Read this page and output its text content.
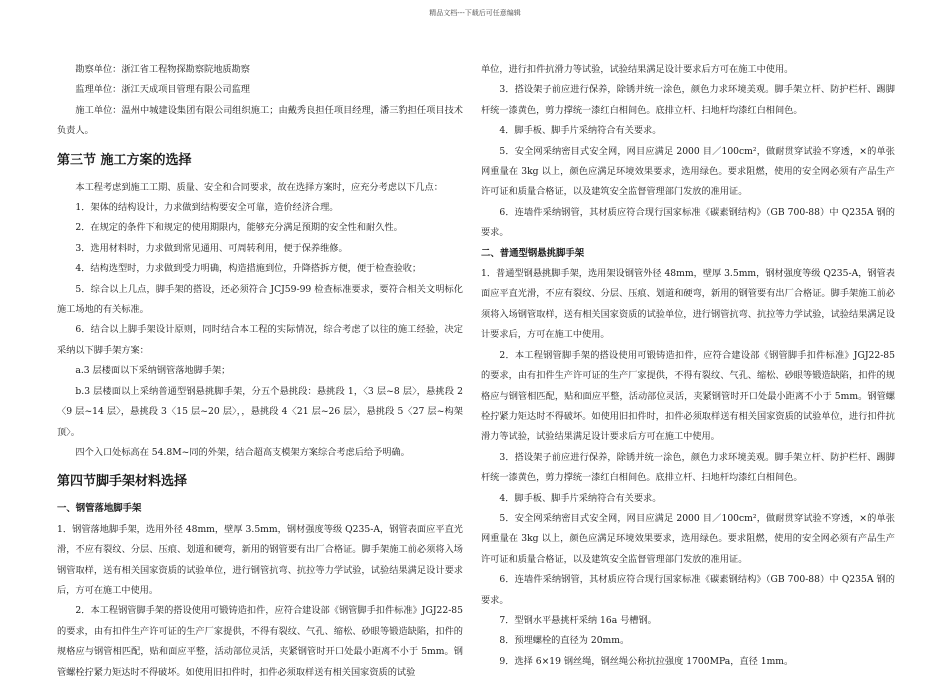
精品文档---下载后可任意编辑

勘察单位：浙江省工程物探勘察院地质勘察

监理单位：浙江天成项目管理有限公司监理

施工单位：温州中城建设集团有限公司组织施工；由戴秀良担任项目经理，潘三豹担任项目技术负责人。

第三节 施工方案的选择

本工程考虑到施工工期、质量、安全和合同要求，故在选择方案时，应充分考虑以下几点：

1．架体的结构设计，力求做到结构要安全可靠，造价经济合理。

2．在规定的条件下和规定的使用期限内，能够充分满足预期的安全性和耐久性。

3．选用材料时，力求做到常见通用、可周转利用，便于保养维修。

4．结构选型时，力求做到受力明确，构造措施到位，升降搭拆方便，便于检查验收；

5．综合以上几点，脚手架的搭设，还必须符合 JCJ59-99 检查标准要求，要符合相关文明标化施工场地的有关标准。

6．结合以上脚手架设计原则，同时结合本工程的实际情况，综合考虑了以往的施工经验，决定采纳以下脚手架方案：

a.3 层楼面以下采纳钢管落地脚手架；

b.3 层楼面以上采纳普通型钢悬挑脚手架，分五个悬挑段：悬挑段 1，〈3 层~8 层〉，悬挑段 2〈9 层~14 层〉，悬挑段 3〈15 层~20 层〉，，悬挑段 4〈21 层~26 层〉，悬挑段 5〈27 层~构架顶〉。

四个入口处标高在 54.8M~同的外架，结合超高支模架方案综合考虑后给予明确。

第四节脚手架材料选择
一、钢管落地脚手架

1．钢管落地脚手架，选用外径 48mm，壁厚 3.5mm，钢材强度等级 Q235-A，钢管表面应平直光滑，不应有裂纹、分层、压痕、划道和硬弯，新用的钢管要有出厂合格证。脚手架施工前必须将入场钢管取样，送有相关国家资质的试验单位，进行钢管抗弯、抗拉等力学试验，试验结果满足设计要求后，方可在施工中使用。

2．本工程钢管脚手架的搭设使用可锻铸造扣件，应符合建设部《钢管脚手扣件标准》JGJ22-85 的要求，由有扣件生产许可证的生产厂家提供，不得有裂纹、气孔、缩松、砂眼等锻造缺陷，扣件的规格应与钢管相匹配，贴和面应平整，活动部位灵活，夹紧钢管时开口处最小距离不小于 5mm。钢管螺栓拧紧力矩达时不得破坏。如使用旧扣件时，扣件必须取样送有相关国家资质的试验

单位，进行扣件抗滑力等试验，试验结果满足设计要求后方可在施工中使用。

3．搭设架子前应进行保养，除锈并统一涂色，颜色力求环境美观。脚手架立杆、防护栏杆、踢脚杆统一漆黄色，剪力撑统一漆红白相间色。底排立杆、扫地杆均漆红白相间色。

4．脚手板、脚手片采纳符合有关要求。

5．安全网采纳密目式安全网，网目应满足 2000 目／100cm²，做耐贯穿试验不穿透，×的单张网重量在 3kg 以上，颜色应满足环境效果要求，选用绿色。要求阻燃，使用的安全网必须有产品生产许可证和质量合格证，以及建筑安全监督管理部门发放的准用证。

6．连墙件采纳钢管，其材质应符合现行国家标准《碳素钢结构》（GB 700-88）中 Q235A 钢的要求。

二、普通型钢悬挑脚手架

1．普通型钢悬挑脚手架，选用架设钢管外径 48mm，壁厚 3.5mm，钢材强度等级 Q235-A，钢管表面应平直光滑，不应有裂纹、分层、压痕、划道和硬弯，新用的钢管要有出厂合格证。脚手架施工前必须将入场钢管取样，送有相关国家资质的试验单位，进行钢管抗弯、抗拉等力学试验，试验结果满足设计要求后，方可在施工中使用。

2．本工程钢管脚手架的搭设使用可锻铸造扣件，应符合建设部《钢管脚手扣件标准》JGJ22-85 的要求，由有扣件生产许可证的生产厂家提供，不得有裂纹、气孔、缩松、砂眼等锻造缺陷，扣件的规格应与钢管相匹配，贴和面应平整，活动部位灵活，夹紧钢管时开口处最小距离不小于 5mm。钢管螺栓拧紧力矩达时不得破坏。如使用旧扣件时，扣件必须取样送有相关国家资质的试验单位，进行扣件抗滑力等试验，试验结果满足设计要求后方可在施工中使用。

3．搭设架子前应进行保养，除锈并统一涂色，颜色力求环境美观。脚手架立杆、防护栏杆、踢脚杆统一漆黄色，剪力撑统一漆红白相间色。底排立杆、扫地杆均漆红白相间色。

4．脚手板、脚手片采纳符合有关要求。

5．安全网采纳密目式安全网，网目应满足 2000 目／100cm²，做耐贯穿试验不穿透，×的单张网重量在 3kg 以上，颜色应满足环境效果要求，选用绿色。要求阻燃，使用的安全网必须有产品生产许可证和质量合格证，以及建筑安全监督管理部门发放的准用证。

6．连墙件采纳钢管，其材质应符合现行国家标准《碳素钢结构》（GB 700-88）中 Q235A 钢的要求。

7．型钢水平悬挑杆采纳 16a 号槽钢。

8．预埋螺栓的直径为 20mm。

9．选择 6×19 钢丝绳，钢丝绳公称抗拉强度 1700MPa，直径 1mm。
